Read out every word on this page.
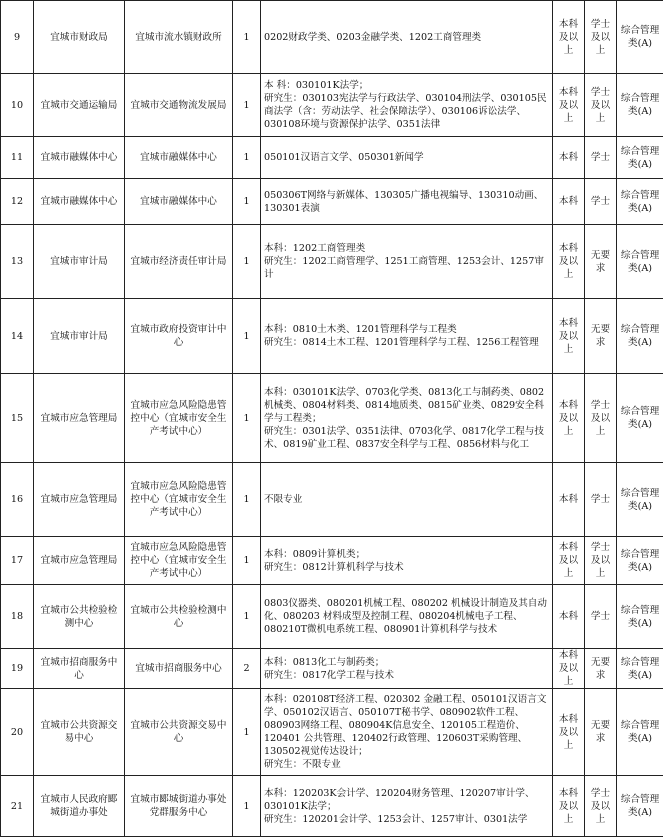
9	宜城市财政局	宜城市流水镇财政所	1	0202财政学类、0203金融学类、1202工商管理类	本科及以上	学士及以上	综合管理类(A)
10	宜城市交通运输局	宜城市交通物流发展局	1	本 科：030101K法学；
研究生：030103宪法学与行政法学、030104刑法学、030105民商法学（含：劳动法学、社会保障法学）、030106诉讼法学、030108环境与资源保护法学、0351法律	本科及以上	学士及以上	综合管理类(A)
11	宜城市融媒体中心	宜城市融媒体中心	1	050101汉语言文学、050301新闻学	本科	学士	综合管理类(A)
12	宜城市融媒体中心	宜城市融媒体中心	1	050306T网络与新媒体、130305广播电视编导、130310动画、130301表演	本科	学士	综合管理类(A)
13	宜城市审计局	宜城市经济责任审计局	1	本科：1202工商管理类
研究生：1202工商管理学、1251工商管理、1253会计、1257审计	本科及以上	无要求	综合管理类(A)
14	宜城市审计局	宜城市政府投资审计中心	1	本科：0810土木类、1201管理科学与工程类
研究生：0814土木工程、1201管理科学与工程、1256工程管理	本科及以上	无要求	综合管理类(A)
15	宜城市应急管理局	宜城市应急风险隐患管控中心（宜城市安全生产考试中心）	1	本科：030101K法学、0703化学类、0813化工与制药类、0802机械类、0804材料类、0814地质类、0815矿业类、0829安全科学与工程类；
研究生：0301法学、0351法律、0703化学、0817化学工程与技术、0819矿业工程、0837安全科学与工程、0856材料与化工	本科及以上	学士及以上	综合管理类(A)
16	宜城市应急管理局	宜城市应急风险隐患管控中心（宜城市安全生产考试中心）	1	不限专业	本科	学士	综合管理类(A)
17	宜城市应急管理局	宜城市应急风险隐患管控中心（宜城市安全生产考试中心）	1	本科：0809计算机类；
研究生：0812计算机科学与技术	本科及以上	学士及以上	综合管理类(A)
18	宜城市公共检验检测中心	宜城市公共检验检测中心	1	0803仪器类、080201机械工程、080202 机械设计制造及其自动化、080203 材料成型及控制工程、080204机械电子工程、080210T微机电系统工程、080901计算机科学与技术	本科	学士	综合管理类(A)
19	宜城市招商服务中心	宜城市招商服务中心	2	本科：0813化工与制药类；
研究生：0817化学工程与技术	本科及以上	无要求	综合管理类(A)
20	宜城市公共资源交易中心	宜城市公共资源交易中心	1	本科：020108T经济工程、020302 金融工程、050101汉语言文学、050102汉语言、050107T秘书学、080902软件工程、080903网络工程、080904K信息安全、120105工程造价、120401 公共管理、120402行政管理、120603T采购管理、130502视觉传达设计；
研究生：不限专业	本科及以上	无要求	综合管理类(A)
21	宜城市人民政府郾城街道办事处	宜城市郾城街道办事处党群服务中心	1	本科：120203K会计学、120204财务管理、120207审计学、030101K法学；
研究生：120201会计学、1253会计、1257审计、0301法学	本科及以上	学士及以上	综合管理类(A)
